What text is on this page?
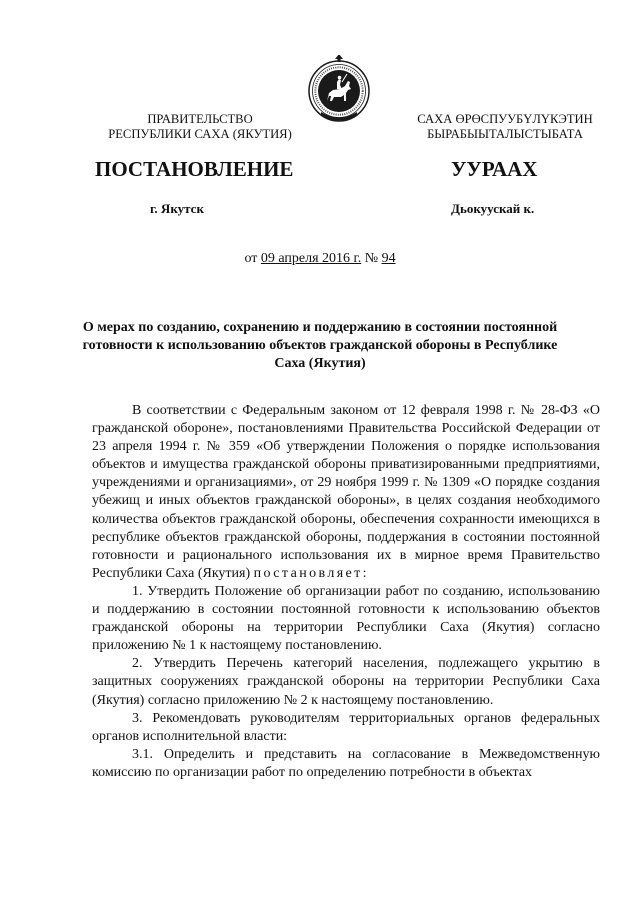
ПРАВИТЕЛЬСТВО
РЕСПУБЛИКИ САХА (ЯКУТИЯ)
САХА ӨРӨСПУУБҮЛҮКЭТИН
БЫРАБЫЫТАЛЫСТЫБАТА
ПОСТАНОВЛЕНИЕ	УУРААХ
г. Якутск	Дьокуускай к.
от 09 апреля 2016 г. № 94
О мерах по созданию, сохранению и поддержанию в состоянии постоянной готовности к использованию объектов гражданской обороны в Республике Саха (Якутия)

В соответствии с Федеральным законом от 12 февраля 1998 г. № 28-ФЗ «О гражданской обороне», постановлениями Правительства Российской Федерации от 23 апреля 1994 г. № 359 «Об утверждении Положения о порядке использования объектов и имущества гражданской обороны приватизированными предприятиями, учреждениями и организациями», от 29 ноября 1999 г. № 1309 «О порядке создания убежищ и иных объектов гражданской обороны», в целях создания необходимого количества объектов гражданской обороны, обеспечения сохранности имеющихся в республике объектов гражданской обороны, поддержания в состоянии постоянной готовности и рационального использования их в мирное время Правительство Республики Саха (Якутия) постановляет:

1. Утвердить Положение об организации работ по созданию, использованию и поддержанию в состоянии постоянной готовности к использованию объектов гражданской обороны на территории Республики Саха (Якутия) согласно приложению № 1 к настоящему постановлению.

2. Утвердить Перечень категорий населения, подлежащего укрытию в защитных сооружениях гражданской обороны на территории Республики Саха (Якутия) согласно приложению № 2 к настоящему постановлению.

3. Рекомендовать руководителям территориальных органов федеральных органов исполнительной власти:

3.1. Определить и представить на согласование в Межведомственную комиссию по организации работ по определению потребности в объектах
